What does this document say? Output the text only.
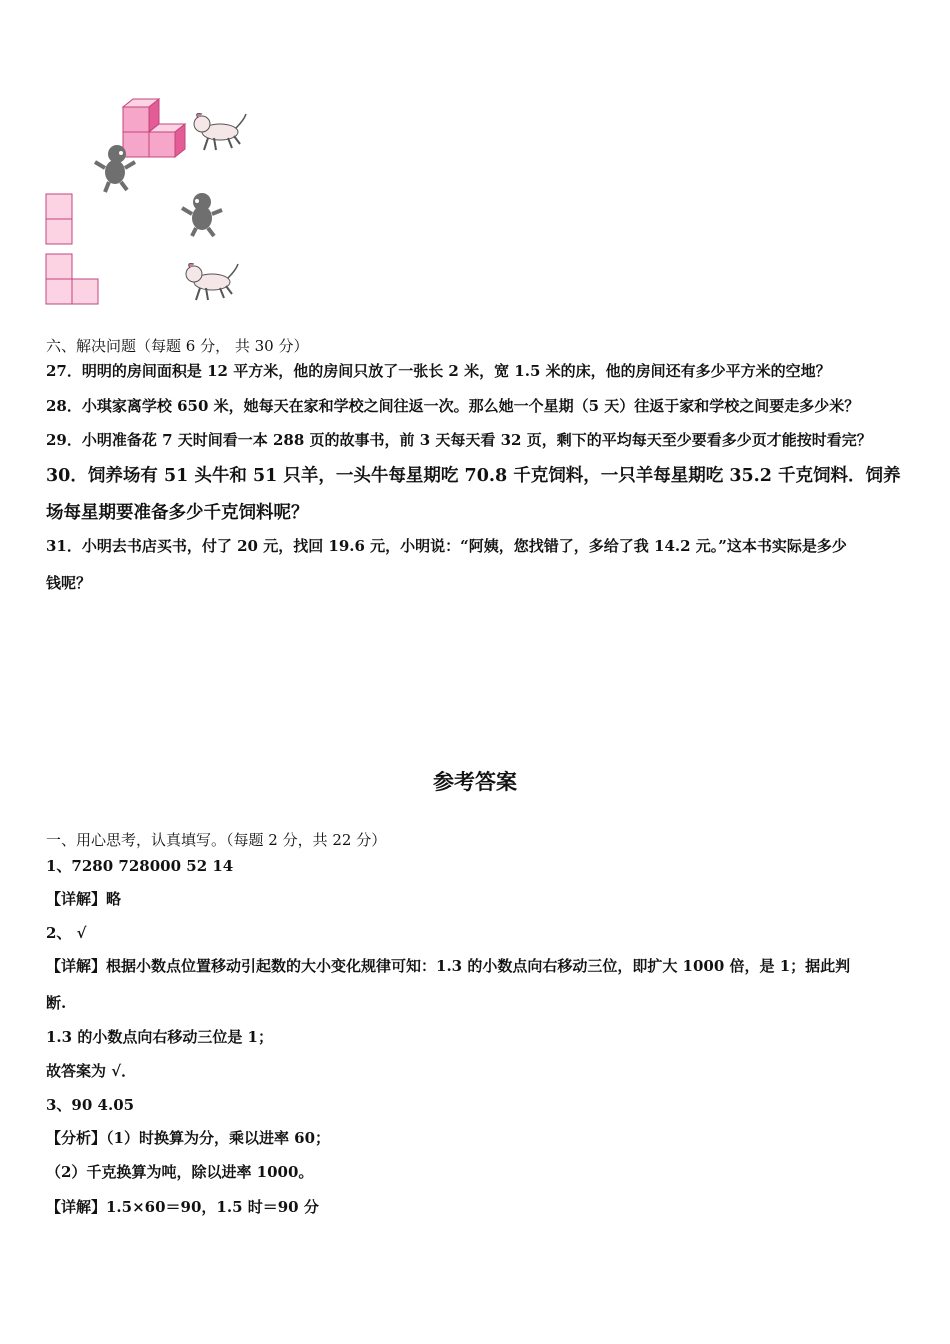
六、解决问题（每题 6 分， 共 30 分）
27．明明的房间面积是 12 平方米，他的房间只放了一张长 2 米，宽 1.5 米的床，他的房间还有多少平方米的空地？
28．小琪家离学校 650 米，她每天在家和学校之间往返一次。那么她一个星期（5 天）往返于家和学校之间要走多少米？
29．小明准备花 7 天时间看一本 288 页的故事书，前 3 天每天看 32 页，剩下的平均每天至少要看多少页才能按时看完？
30．饲养场有 51 头牛和 51 只羊，一头牛每星期吃 70.8 千克饲料，一只羊每星期吃 35.2 千克饲料．饲养
场每星期要准备多少千克饲料呢？
31．小明去书店买书，付了 20 元，找回 19.6 元，小明说：“阿姨，您找错了，多给了我 14.2 元。”这本书实际是多少
钱呢？
参考答案
一、用心思考，认真填写。（每题 2 分，共 22 分）
1、7280 728000 52 14
【详解】略
2、 √
【详解】根据小数点位置移动引起数的大小变化规律可知：1.3 的小数点向右移动三位，即扩大 1000 倍，是 1；据此判
断.
1.3 的小数点向右移动三位是 1；
故答案为 √．
3、90 4.05
【分析】（1）时换算为分，乘以进率 60；
（2）千克换算为吨，除以进率 1000。
【详解】1.5×60＝90，1.5 时＝90 分
